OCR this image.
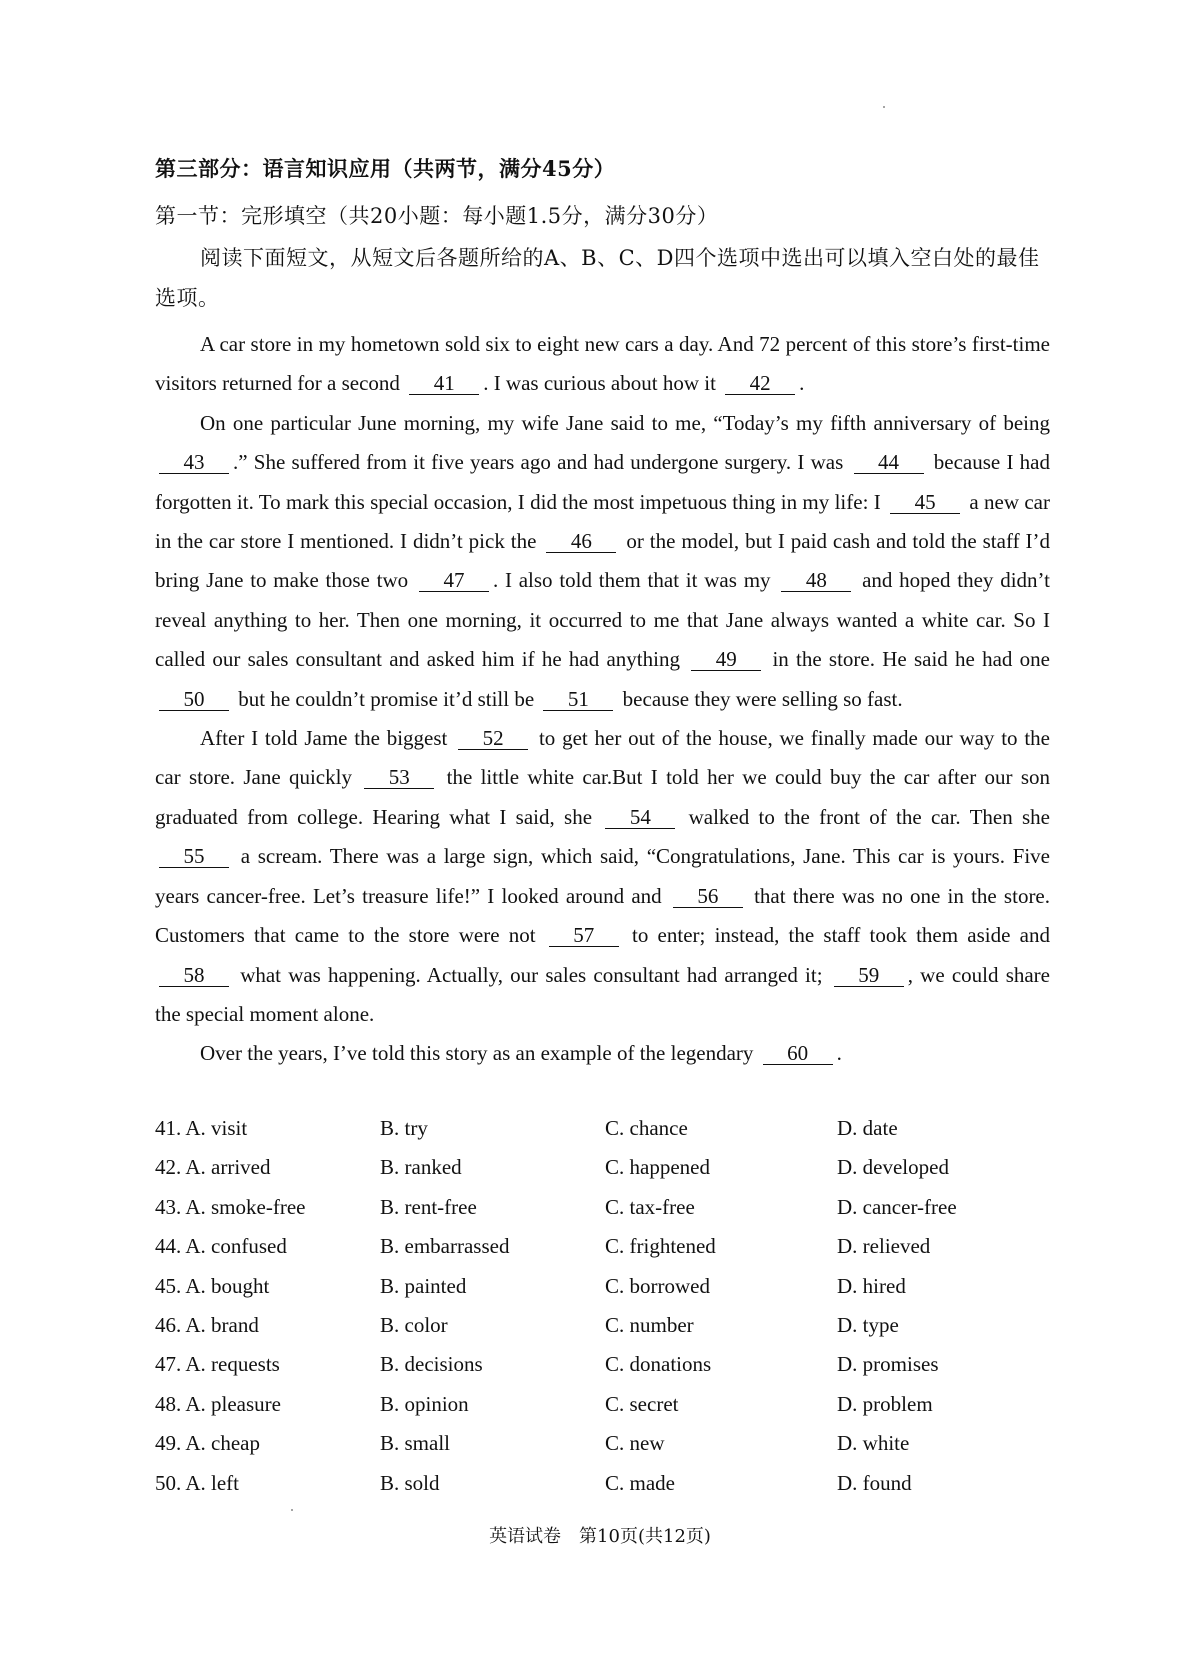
第三部分：语言知识应用（共两节，满分45分）
第一节：完形填空（共20小题：每小题1.5分，满分30分）
阅读下面短文，从短文后各题所给的A、B、C、D四个选项中选出可以填入空白处的最佳选项。

A car store in my hometown sold six to eight new cars a day. And 72 percent of this store’s first-time visitors returned for a second 41 . I was curious about how it 42 .

On one particular June morning, my wife Jane said to me, “Today’s my fifth anniversary of being 43 .” She suffered from it five years ago and had undergone surgery. I was 44 because I had forgotten it. To mark this special occasion, I did the most impetuous thing in my life: I 45 a new car in the car store I mentioned. I didn’t pick the 46 or the model, but I paid cash and told the staff I’d bring Jane to make those two 47 . I also told them that it was my 48 and hoped they didn’t reveal anything to her. Then one morning, it occurred to me that Jane always wanted a white car. So I called our sales consultant and asked him if he had anything 49 in the store. He said he had one 50 but he couldn’t promise it’d still be 51 because they were selling so fast.

After I told Jame the biggest 52 to get her out of the house, we finally made our way to the car store. Jane quickly 53 the little white car.But I told her we could buy the car after our son graduated from college. Hearing what I said, she 54 walked to the front of the car. Then she 55 a scream. There was a large sign, which said, “Congratulations, Jane. This car is yours. Five years cancer-free. Let’s treasure life!” I looked around and 56 that there was no one in the store. Customers that came to the store were not 57 to enter; instead, the staff took them aside and 58 what was happening. Actually, our sales consultant had arranged it; 59 , we could share the special moment alone.

Over the years, I’ve told this story as an example of the legendary 60 .

41. A. visit	B. try	C. chance	D. date
42. A. arrived	B. ranked	C. happened	D. developed
43. A. smoke-free	B. rent-free	C. tax-free	D. cancer-free
44. A. confused	B. embarrassed	C. frightened	D. relieved
45. A. bought	B. painted	C. borrowed	D. hired
46. A. brand	B. color	C. number	D. type
47. A. requests	B. decisions	C. donations	D. promises
48. A. pleasure	B. opinion	C. secret	D. problem
49. A. cheap	B. small	C. new	D. white
50. A. left	B. sold	C. made	D. found
英语试卷　第10页(共12页)
